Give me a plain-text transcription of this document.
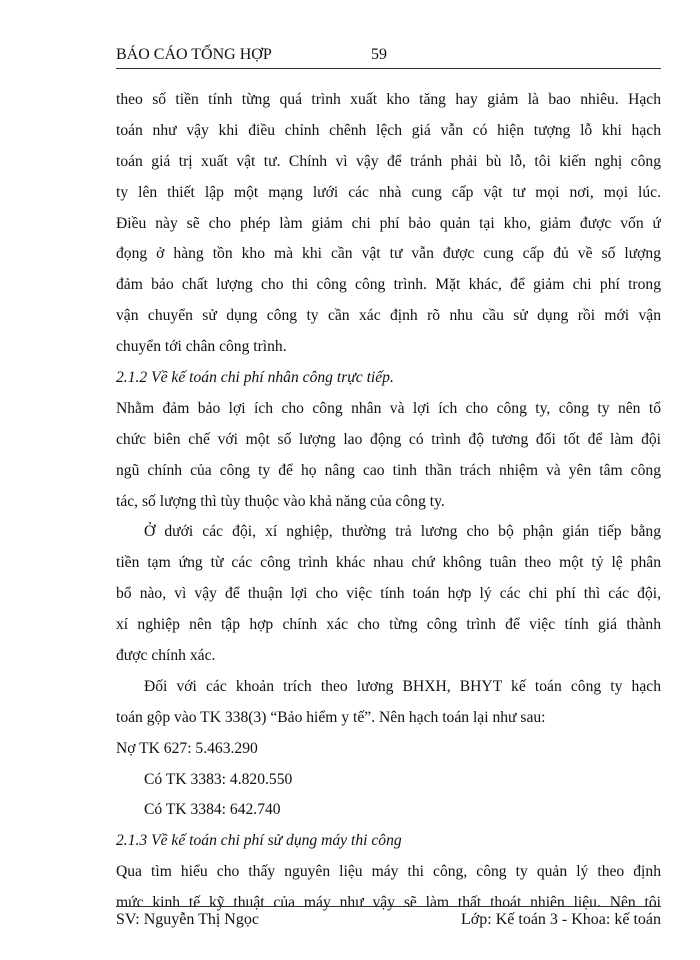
BÁO CÁO TỔNG HỢP	59
theo số tiền tính từng quá trình xuất kho tăng hay giảm là bao nhiêu. Hạch
toán như vậy khi điều chỉnh chênh lệch giá vẫn có hiện tượng lỗ khi hạch
toán giá trị xuất vật tư. Chính vì vậy để tránh phải bù lỗ, tôi kiến nghị công
ty lên thiết lập một mạng lưới các nhà cung cấp vật tư mọi nơi, mọi lúc.
Điều này sẽ cho phép làm giảm chi phí bảo quản tại kho, giảm được vốn ứ
đọng ở hàng tồn kho mà khi cần vật tư vẫn được cung cấp đủ về số lượng
đảm bảo chất lượng cho thi công công trình. Mặt khác, để giảm chi phí trong
vận chuyển sử dụng công ty cần xác định rõ nhu cầu sử dụng rồi mới vận
chuyển tới chân công trình.
2.1.2 Về kế toán chi phí nhân công trực tiếp.
Nhằm đảm bảo lợi ích cho công nhân và lợi ích cho công ty, công ty nên tổ
chức biên chế với một số lượng lao động có trình độ tương đối tốt để làm đội
ngũ chính của công ty để họ nâng cao tinh thần trách nhiệm và yên tâm công
tác, số lượng thì tùy thuộc vào khả năng của công ty.
Ở dưới các đội, xí nghiệp, thường trả lương cho bộ phận gián tiếp bằng
tiền tạm ứng từ các công trình khác nhau chứ không tuân theo một tỷ lệ phân
bổ nào, vì vậy để thuận lợi cho việc tính toán hợp lý các chi phí thì các đội,
xí nghiệp nên tập hợp chính xác cho từng công trình để việc tính giá thành
được chính xác.
Đối với các khoản trích theo lương BHXH, BHYT kế toán công ty hạch
toán gộp vào TK 338(3) “Bảo hiểm y tế”. Nên hạch toán lại như sau:
Nợ TK 627: 5.463.290
Có TK 3383: 4.820.550
Có TK 3384: 642.740
2.1.3 Về kế toán chi phí sử dụng máy thi công
Qua tìm hiểu cho thấy nguyên liệu máy thi công, công ty quản lý theo định
mức kinh tế kỹ thuật của máy như vậy sẽ làm thất thoát nhiên liệu. Nên tôi
SV: Nguyễn Thị Ngọc	Lớp: Kế toán 3 - Khoa: kế toán
